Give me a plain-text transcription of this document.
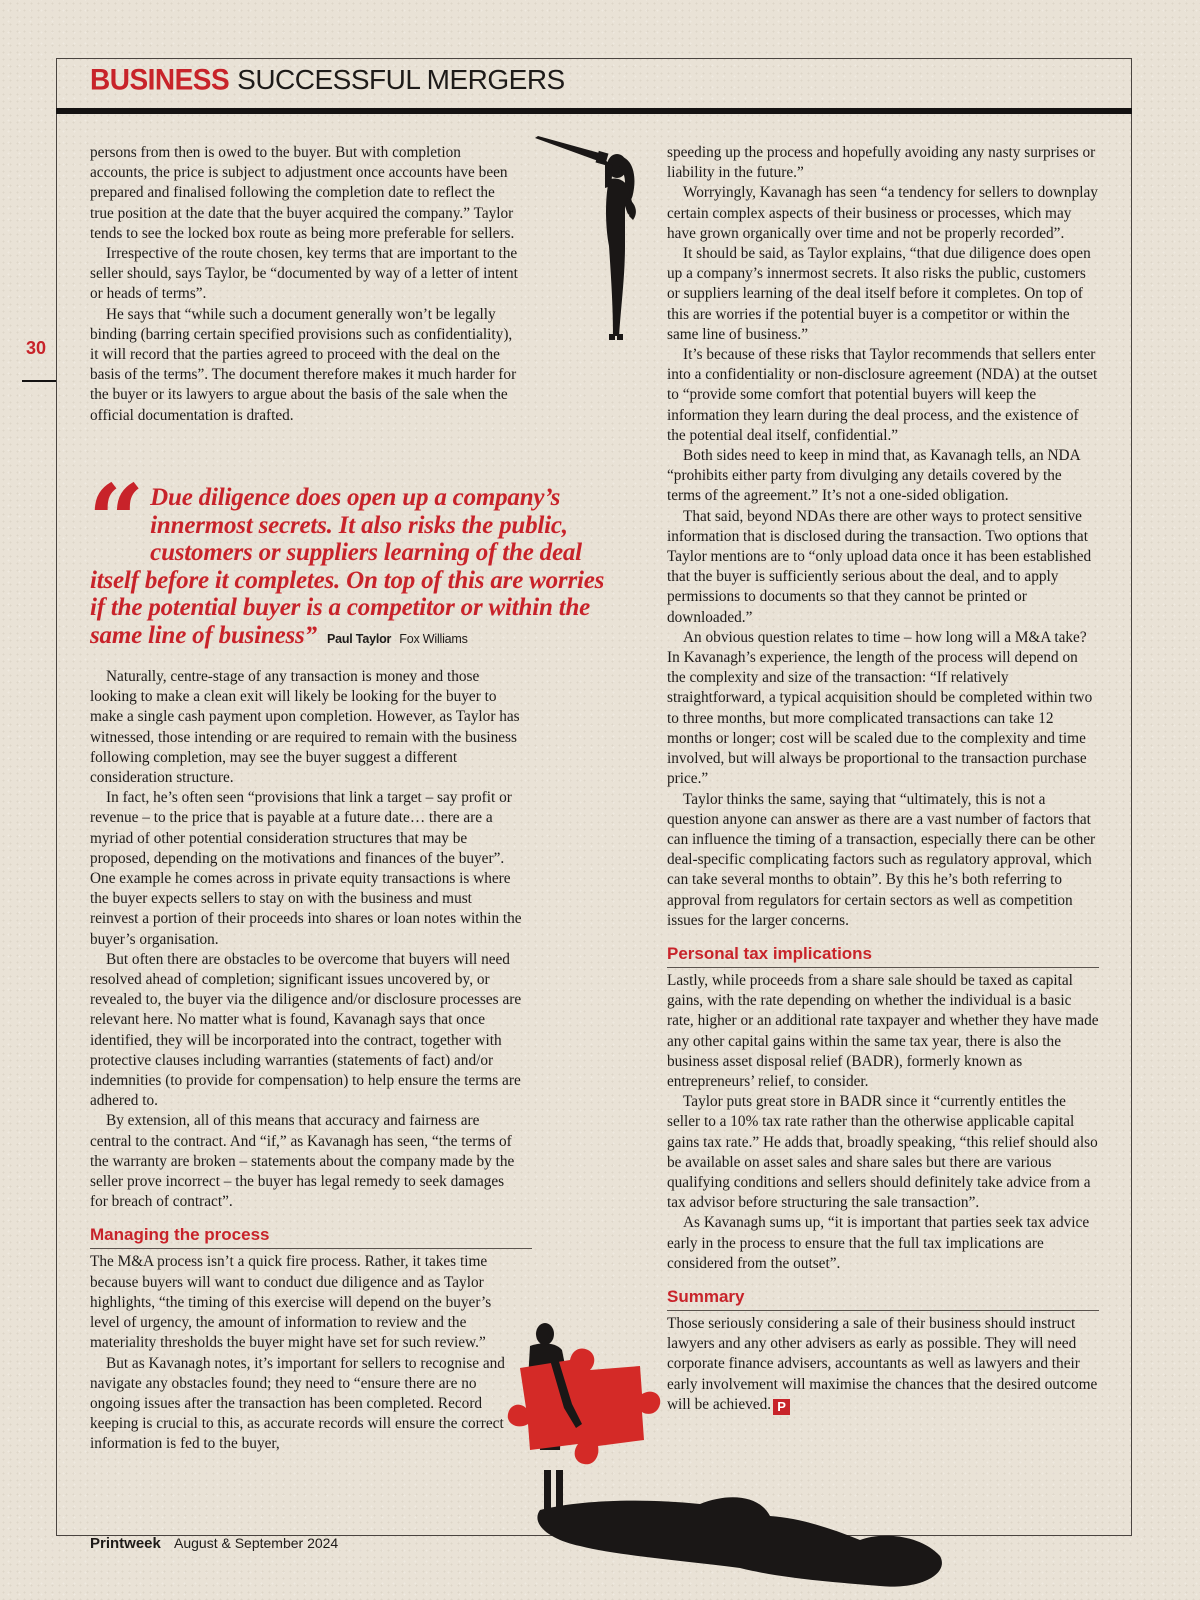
BUSINESS SUCCESSFUL MERGERS
30

persons from then is owed to the buyer. But with completion accounts, the price is subject to adjustment once accounts have been prepared and finalised following the completion date to reflect the true position at the date that the buyer acquired the company.” Taylor tends to see the locked box route as being more preferable for sellers.

Irrespective of the route chosen, key terms that are important to the seller should, says Taylor, be “documented by way of a letter of intent or heads of terms”.

He says that “while such a document generally won’t be legally binding (barring certain specified provisions such as confidentiality), it will record that the parties agreed to proceed with the deal on the basis of the terms”. The document therefore makes it much harder for the buyer or its lawyers to argue about the basis of the sale when the official documentation is drafted.

“ Due diligence does open up a company’s innermost secrets. It also risks the public, customers or suppliers learning of the deal itself before it completes. On top of this are worries if the potential buyer is a competitor or within the same line of business” Paul Taylor Fox Williams

Naturally, centre-stage of any transaction is money and those looking to make a clean exit will likely be looking for the buyer to make a single cash payment upon completion. However, as Taylor has witnessed, those intending or are required to remain with the business following completion, may see the buyer suggest a different consideration structure.

In fact, he’s often seen “provisions that link a target – say profit or revenue – to the price that is payable at a future date… there are a myriad of other potential consideration structures that may be proposed, depending on the motivations and finances of the buyer”. One example he comes across in private equity transactions is where the buyer expects sellers to stay on with the business and must reinvest a portion of their proceeds into shares or loan notes within the buyer’s organisation.

But often there are obstacles to be overcome that buyers will need resolved ahead of completion; significant issues uncovered by, or revealed to, the buyer via the diligence and/or disclosure processes are relevant here. No matter what is found, Kavanagh says that once identified, they will be incorporated into the contract, together with protective clauses including warranties (statements of fact) and/or indemnities (to provide for compensation) to help ensure the terms are adhered to.

By extension, all of this means that accuracy and fairness are central to the contract. And “if,” as Kavanagh has seen, “the terms of the warranty are broken – statements about the company made by the seller prove incorrect – the buyer has legal remedy to seek damages for breach of contract”.

Managing the process

The M&A process isn’t a quick fire process. Rather, it takes time because buyers will want to conduct due diligence and as Taylor highlights, “the timing of this exercise will depend on the buyer’s level of urgency, the amount of information to review and the materiality thresholds the buyer might have set for such review.”

But as Kavanagh notes, it’s important for sellers to recognise and navigate any obstacles found; they need to “ensure there are no ongoing issues after the transaction has been completed. Record keeping is crucial to this, as accurate records will ensure the correct information is fed to the buyer,

speeding up the process and hopefully avoiding any nasty surprises or liability in the future.”

Worryingly, Kavanagh has seen “a tendency for sellers to downplay certain complex aspects of their business or processes, which may have grown organically over time and not be properly recorded”.

It should be said, as Taylor explains, “that due diligence does open up a company’s innermost secrets. It also risks the public, customers or suppliers learning of the deal itself before it completes. On top of this are worries if the potential buyer is a competitor or within the same line of business.”

It’s because of these risks that Taylor recommends that sellers enter into a confidentiality or non-disclosure agreement (NDA) at the outset to “provide some comfort that potential buyers will keep the information they learn during the deal process, and the existence of the potential deal itself, confidential.”

Both sides need to keep in mind that, as Kavanagh tells, an NDA “prohibits either party from divulging any details covered by the terms of the agreement.” It’s not a one-sided obligation.

That said, beyond NDAs there are other ways to protect sensitive information that is disclosed during the transaction. Two options that Taylor mentions are to “only upload data once it has been established that the buyer is sufficiently serious about the deal, and to apply permissions to documents so that they cannot be printed or downloaded.”

An obvious question relates to time – how long will a M&A take? In Kavanagh’s experience, the length of the process will depend on the complexity and size of the transaction: “If relatively straightforward, a typical acquisition should be completed within two to three months, but more complicated transactions can take 12 months or longer; cost will be scaled due to the complexity and time involved, but will always be proportional to the transaction purchase price.”

Taylor thinks the same, saying that “ultimately, this is not a question anyone can answer as there are a vast number of factors that can influence the timing of a transaction, especially there can be other deal-specific complicating factors such as regulatory approval, which can take several months to obtain”. By this he’s both referring to approval from regulators for certain sectors as well as competition issues for the larger concerns.

Personal tax implications

Lastly, while proceeds from a share sale should be taxed as capital gains, with the rate depending on whether the individual is a basic rate, higher or an additional rate taxpayer and whether they have made any other capital gains within the same tax year, there is also the business asset disposal relief (BADR), formerly known as entrepreneurs’ relief, to consider.

Taylor puts great store in BADR since it “currently entitles the seller to a 10% tax rate rather than the otherwise applicable capital gains tax rate.” He adds that, broadly speaking, “this relief should also be available on asset sales and share sales but there are various qualifying conditions and sellers should definitely take advice from a tax advisor before structuring the sale transaction”.

As Kavanagh sums up, “it is important that parties seek tax advice early in the process to ensure that the full tax implications are considered from the outset”.

Summary

Those seriously considering a sale of their business should instruct lawyers and any other advisers as early as possible. They will need corporate finance advisers, accountants as well as lawyers and their early involvement will maximise the chances that the desired outcome will be achieved. P

Printweek August & September 2024
